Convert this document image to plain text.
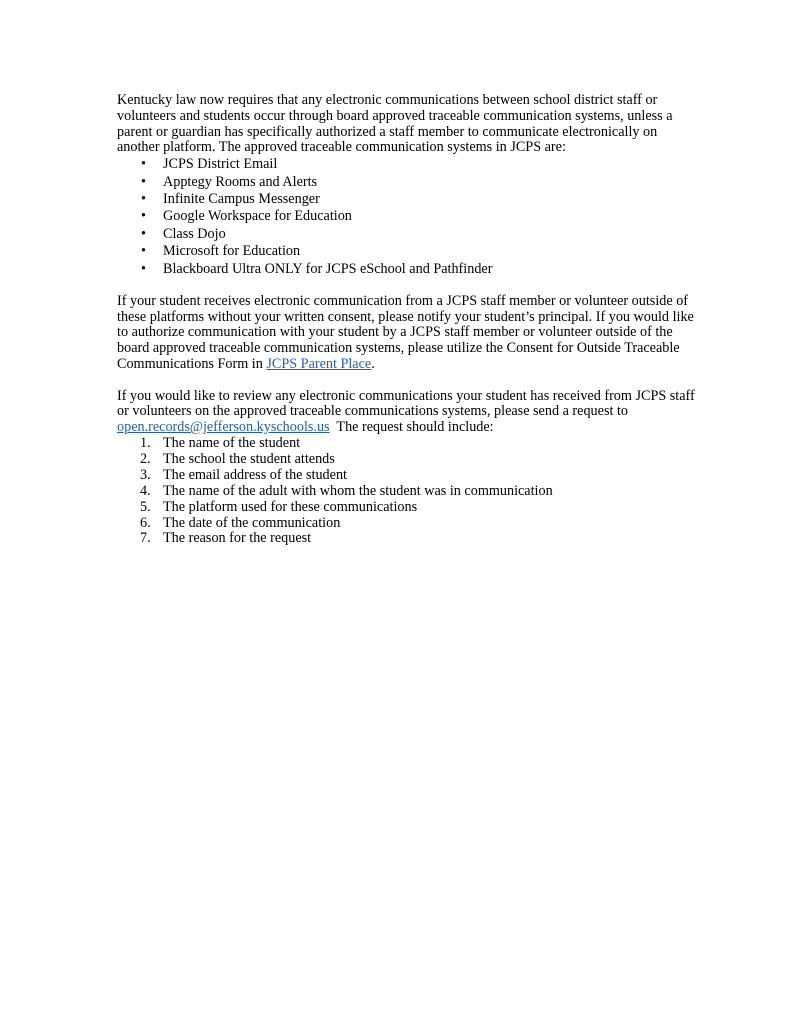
Kentucky law now requires that any electronic communications between school district staff or volunteers and students occur through board approved traceable communication systems, unless a parent or guardian has specifically authorized a staff member to communicate electronically on another platform. The approved traceable communication systems in JCPS are:

• JCPS District Email
• Apptegy Rooms and Alerts
• Infinite Campus Messenger
• Google Workspace for Education
• Class Dojo
• Microsoft for Education
• Blackboard Ultra ONLY for JCPS eSchool and Pathfinder

If your student receives electronic communication from a JCPS staff member or volunteer outside of these platforms without your written consent, please notify your student’s principal. If you would like to authorize communication with your student by a JCPS staff member or volunteer outside of the board approved traceable communication systems, please utilize the Consent for Outside Traceable Communications Form in JCPS Parent Place.

If you would like to review any electronic communications your student has received from JCPS staff or volunteers on the approved traceable communications systems, please send a request to open.records@jefferson.kyschools.us  The request should include:

1. The name of the student
2. The school the student attends
3. The email address of the student
4. The name of the adult with whom the student was in communication
5. The platform used for these communications
6. The date of the communication
7. The reason for the request
